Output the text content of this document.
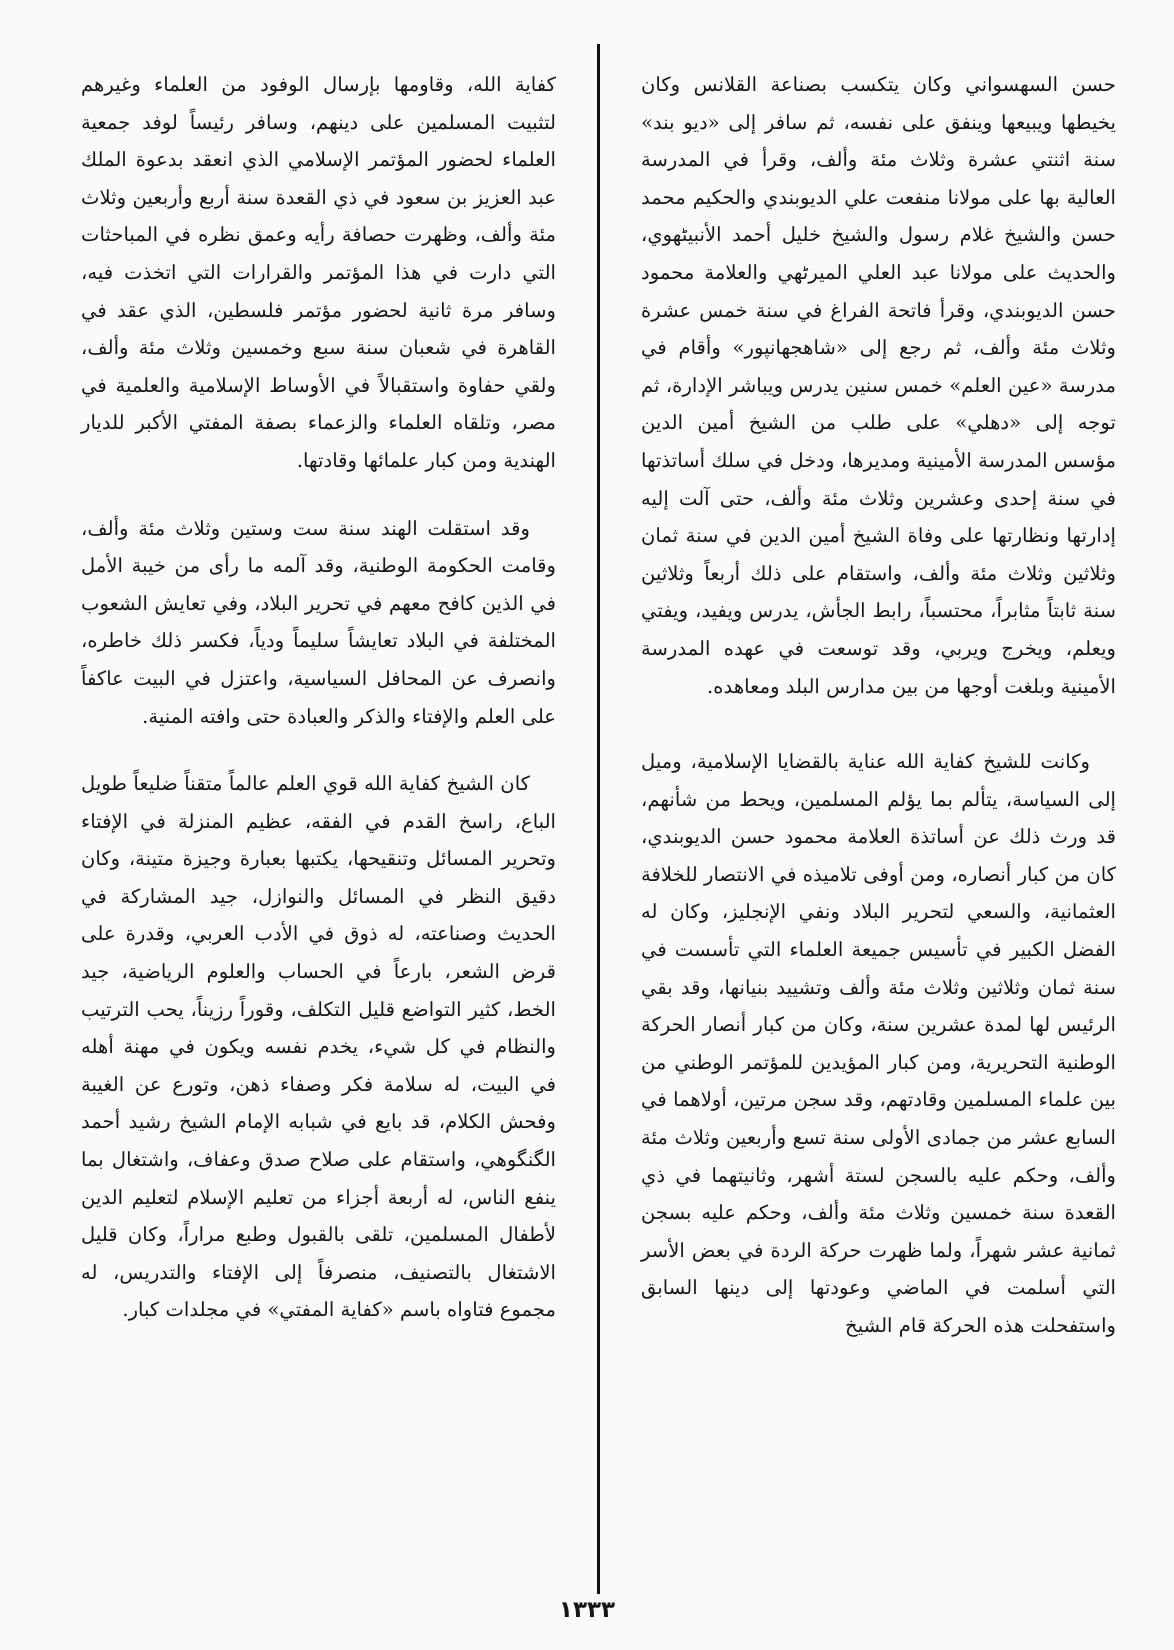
حسن السهسواني وكان يتكسب بصناعة القلانس وكان يخيطها ويبيعها وينفق على نفسه، ثم سافر إلى «ديو بند» سنة اثنتي عشرة وثلاث مئة وألف، وقرأ في المدرسة العالية بها على مولانا منفعت علي الديوبندي والحكيم محمد حسن والشيخ غلام رسول والشيخ خليل أحمد الأنبيٹهوي، والحديث على مولانا عبد العلي الميرٹهي والعلامة محمود حسن الديوبندي، وقرأ فاتحة الفراغ في سنة خمس عشرة وثلاث مئة وألف، ثم رجع إلى «شاهجهانپور» وأقام في مدرسة «عين العلم» خمس سنين يدرس ويباشر الإدارة، ثم توجه إلى «دهلي» على طلب من الشيخ أمين الدين مؤسس المدرسة الأمينية ومديرها، ودخل في سلك أساتذتها في سنة إحدى وعشرين وثلاث مئة وألف، حتى آلت إليه إدارتها ونظارتها على وفاة الشيخ أمين الدين في سنة ثمان وثلاثين وثلاث مئة وألف، واستقام على ذلك أربعاً وثلاثين سنة ثابتاً مثابراً، محتسباً، رابط الجأش، يدرس ويفيد، ويفتي ويعلم، ويخرج ويربي، وقد توسعت في عهده المدرسة الأمينية وبلغت أوجها من بين مدارس البلد ومعاهده.

وكانت للشيخ كفاية الله عناية بالقضايا الإسلامية، وميل إلى السياسة، يتألم بما يؤلم المسلمين، ويحط من شأنهم، قد ورث ذلك عن أساتذة العلامة محمود حسن الديوبندي، كان من كبار أنصاره، ومن أوفى تلاميذه في الانتصار للخلافة العثمانية، والسعي لتحرير البلاد ونفي الإنجليز، وكان له الفضل الكبير في تأسيس جميعة العلماء التي تأسست في سنة ثمان وثلاثين وثلاث مئة وألف وتشييد بنيانها، وقد بقي الرئيس لها لمدة عشرين سنة، وكان من كبار أنصار الحركة الوطنية التحريرية، ومن كبار المؤيدين للمؤتمر الوطني من بين علماء المسلمين وقادتهم، وقد سجن مرتين، أولاهما في السابع عشر من جمادى الأولى سنة تسع وأربعين وثلاث مئة وألف، وحكم عليه بالسجن لستة أشهر، وثانيتهما في ذي القعدة سنة خمسين وثلاث مئة وألف، وحكم عليه بسجن ثمانية عشر شهراً، ولما ظهرت حركة الردة في بعض الأسر التي أسلمت في الماضي وعودتها إلى دينها السابق واستفحلت هذه الحركة قام الشيخ

كفاية الله، وقاومها بإرسال الوفود من العلماء وغيرهم لتثبيت المسلمين على دينهم، وسافر رئيساً لوفد جمعية العلماء لحضور المؤتمر الإسلامي الذي انعقد بدعوة الملك عبد العزيز بن سعود في ذي القعدة سنة أربع وأربعين وثلاث مئة وألف، وظهرت حصافة رأيه وعمق نظره في المباحثات التي دارت في هذا المؤتمر والقرارات التي اتخذت فيه، وسافر مرة ثانية لحضور مؤتمر فلسطين، الذي عقد في القاهرة في شعبان سنة سبع وخمسين وثلاث مئة وألف، ولقي حفاوة واستقبالاً في الأوساط الإسلامية والعلمية في مصر، وتلقاه العلماء والزعماء بصفة المفتي الأكبر للديار الهندية ومن كبار علمائها وقادتها.

وقد استقلت الهند سنة ست وستين وثلاث مئة وألف، وقامت الحكومة الوطنية، وقد آلمه ما رأى من خيبة الأمل في الذين كافح معهم في تحرير البلاد، وفي تعايش الشعوب المختلفة في البلاد تعايشاً سليماً ودياً، فكسر ذلك خاطره، وانصرف عن المحافل السياسية، واعتزل في البيت عاكفاً على العلم والإفتاء والذكر والعبادة حتى وافته المنية.

كان الشيخ كفاية الله قوي العلم عالماً متقناً ضليعاً طويل الباع، راسخ القدم في الفقه، عظيم المنزلة في الإفتاء وتحرير المسائل وتنقيحها، يكتبها بعبارة وجيزة متينة، وكان دقيق النظر في المسائل والنوازل، جيد المشاركة في الحديث وصناعته، له ذوق في الأدب العربي، وقدرة على قرض الشعر، بارعاً في الحساب والعلوم الرياضية، جيد الخط، كثير التواضع قليل التكلف، وقوراً رزيناً، يحب الترتيب والنظام في كل شيء، يخدم نفسه ويكون في مهنة أهله في البيت، له سلامة فكر وصفاء ذهن، وتورع عن الغيبة وفحش الكلام، قد بايع في شبابه الإمام الشيخ رشيد أحمد الگنگوهي، واستقام على صلاح صدق وعفاف، واشتغال بما ينفع الناس، له أربعة أجزاء من تعليم الإسلام لتعليم الدين لأطفال المسلمين، تلقى بالقبول وطبع مراراً، وكان قليل الاشتغال بالتصنيف، منصرفاً إلى الإفتاء والتدريس، له مجموع فتاواه باسم «كفاية المفتي» في مجلدات كبار.

١٣٣٣
